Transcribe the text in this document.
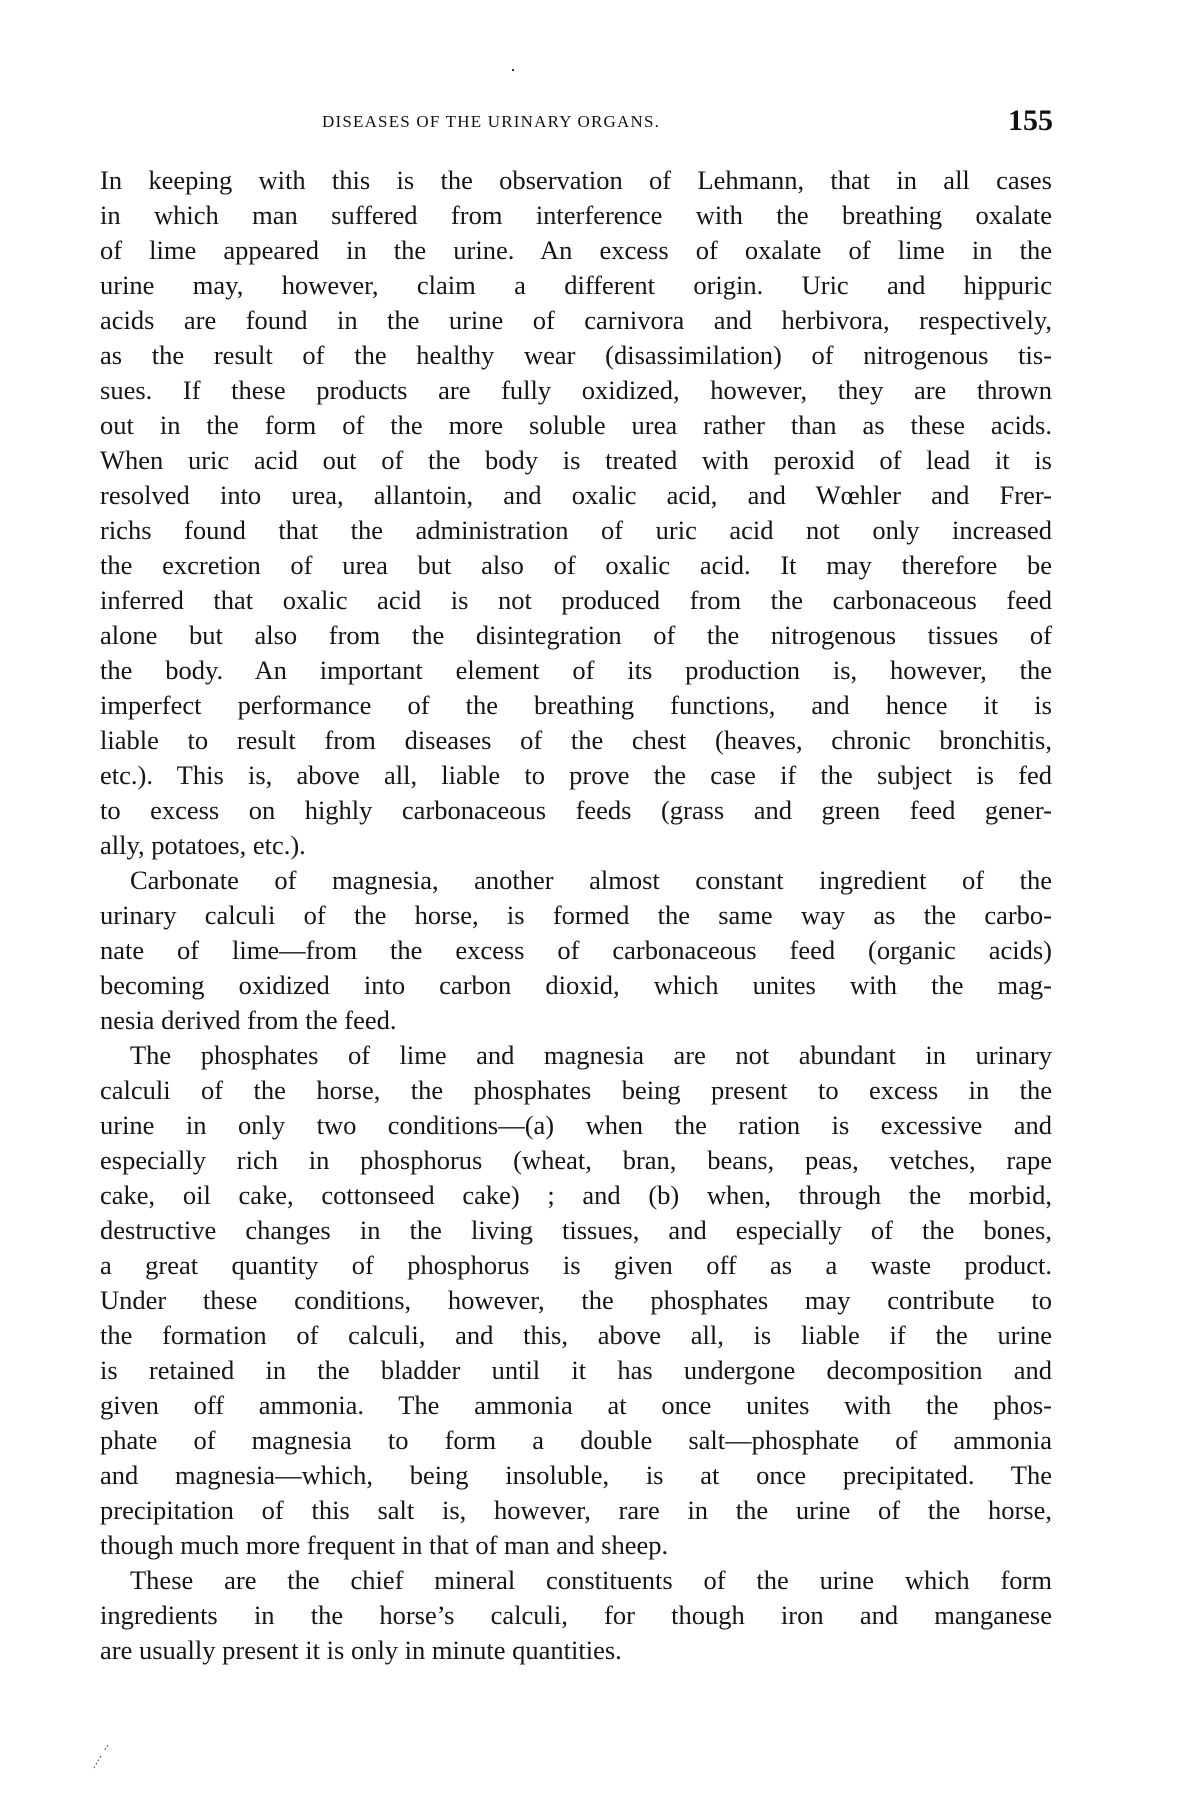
DISEASES OF THE URINARY ORGANS.	155
In keeping with this is the observation of Lehmann, that in all cases
in which man suffered from interference with the breathing oxalate
of lime appeared in the urine. An excess of oxalate of lime in the
urine may, however, claim a different origin. Uric and hippuric
acids are found in the urine of carnivora and herbivora, respectively,
as the result of the healthy wear (disassimilation) of nitrogenous tis-
sues. If these products are fully oxidized, however, they are thrown
out in the form of the more soluble urea rather than as these acids.
When uric acid out of the body is treated with peroxid of lead it is
resolved into urea, allantoin, and oxalic acid, and Wœhler and Frer-
richs found that the administration of uric acid not only increased
the excretion of urea but also of oxalic acid. It may therefore be
inferred that oxalic acid is not produced from the carbonaceous feed
alone but also from the disintegration of the nitrogenous tissues of
the body. An important element of its production is, however, the
imperfect performance of the breathing functions, and hence it is
liable to result from diseases of the chest (heaves, chronic bronchitis,
etc.). This is, above all, liable to prove the case if the subject is fed
to excess on highly carbonaceous feeds (grass and green feed gener-
ally, potatoes, etc.).
Carbonate of magnesia, another almost constant ingredient of the
urinary calculi of the horse, is formed the same way as the carbo-
nate of lime—from the excess of carbonaceous feed (organic acids)
becoming oxidized into carbon dioxid, which unites with the mag-
nesia derived from the feed.
The phosphates of lime and magnesia are not abundant in urinary
calculi of the horse, the phosphates being present to excess in the
urine in only two conditions—(a) when the ration is excessive and
especially rich in phosphorus (wheat, bran, beans, peas, vetches, rape
cake, oil cake, cottonseed cake) ; and (b) when, through the morbid,
destructive changes in the living tissues, and especially of the bones,
a great quantity of phosphorus is given off as a waste product.
Under these conditions, however, the phosphates may contribute to
the formation of calculi, and this, above all, is liable if the urine
is retained in the bladder until it has undergone decomposition and
given off ammonia. The ammonia at once unites with the phos-
phate of magnesia to form a double salt—phosphate of ammonia
and magnesia—which, being insoluble, is at once precipitated. The
precipitation of this salt is, however, rare in the urine of the horse,
though much more frequent in that of man and sheep.
These are the chief mineral constituents of the urine which form
ingredients in the horse’s calculi, for though iron and manganese
are usually present it is only in minute quantities.
